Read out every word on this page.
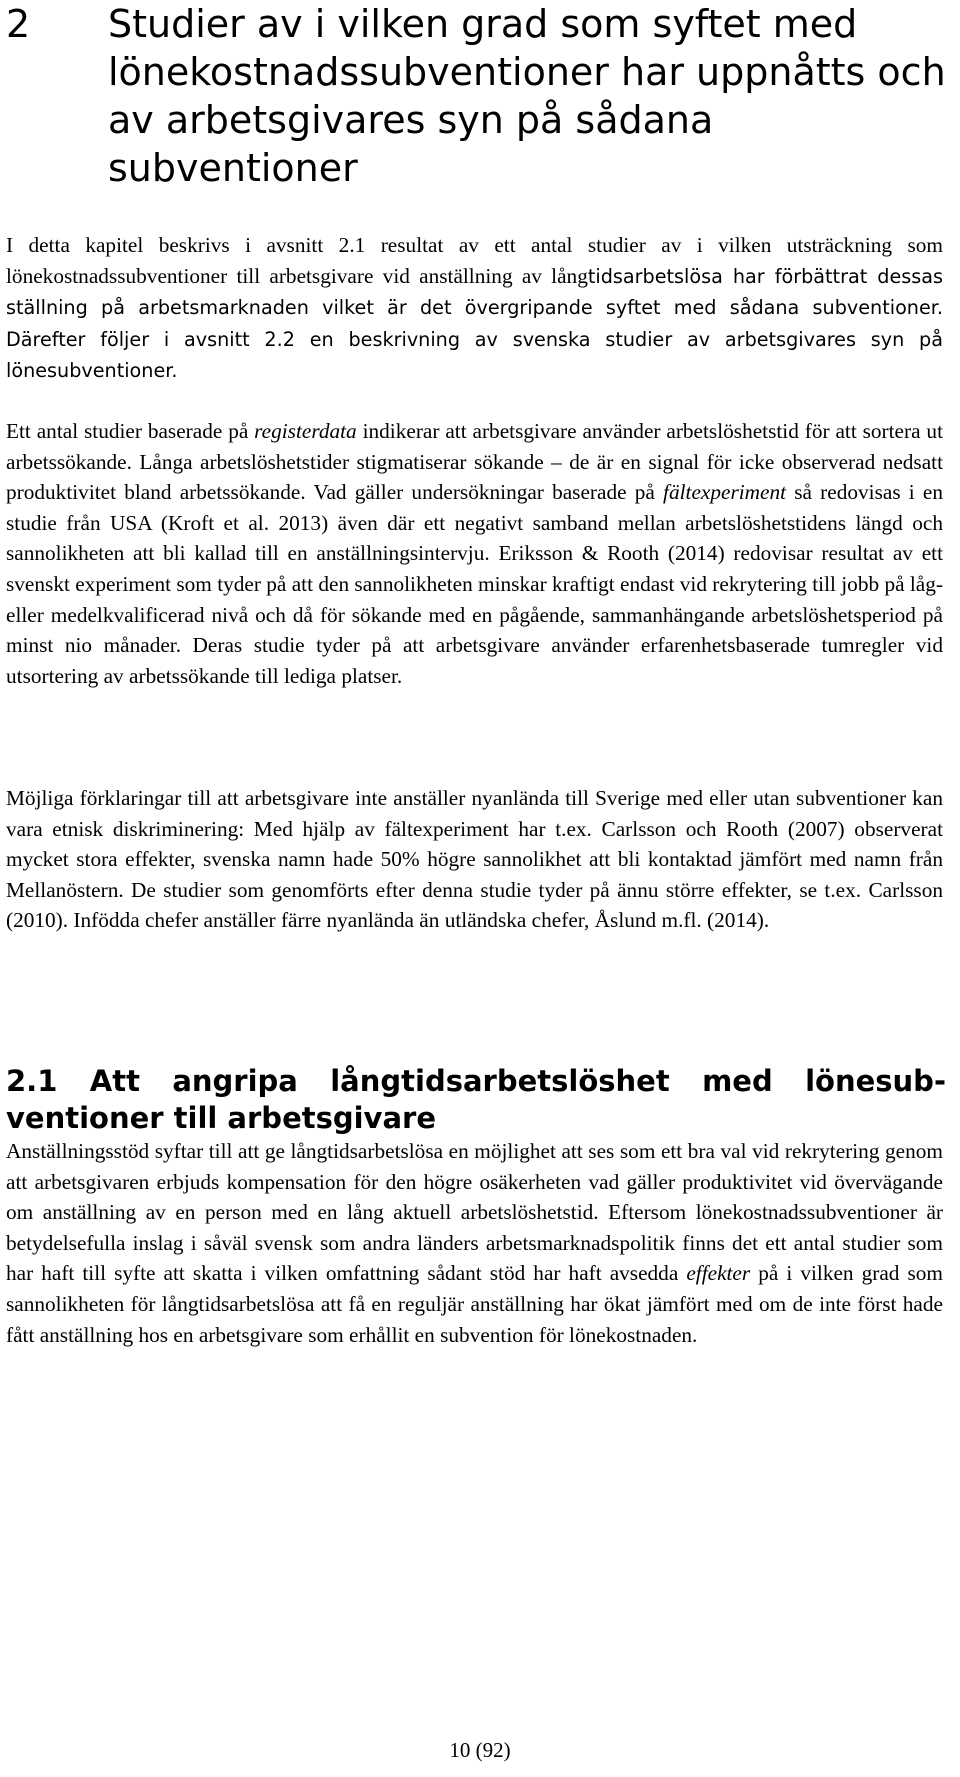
2 Studier av i vilken grad som syftet med lönekostnadssubventioner har uppnåtts och av arbetsgivares syn på sådana subventioner
I detta kapitel beskrivs i avsnitt 2.1 resultat av ett antal studier av i vilken utsträckning som lönekostnadssubventioner till arbetsgivare vid anställning av långtidsarbetslösa har förbättrat dessas ställning på arbetsmarknaden vilket är det övergripande syftet med sådana subventioner. Därefter följer i avsnitt 2.2 en beskrivning av svenska studier av arbetsgivares syn på lönesubventioner.
Ett antal studier baserade på registerdata indikerar att arbetsgivare använder arbetslöshetstid för att sortera ut arbetssökande. Långa arbetslöshetstider stigmatiserar sökande – de är en signal för icke observerad nedsatt produktivitet bland arbetssökande. Vad gäller undersökningar baserade på fältexperiment så redovisas i en studie från USA (Kroft et al. 2013) även där ett negativt samband mellan arbetslöshetstidens längd och sannolikheten att bli kallad till en anställningsintervju. Eriksson & Rooth (2014) redovisar resultat av ett svenskt experiment som tyder på att den sannolikheten minskar kraftigt endast vid rekrytering till jobb på lågeller medelkvalificerad nivå och då för sökande med en pågående, sammanhängande arbetslöshetsperiod på minst nio månader. Deras studie tyder på att arbetsgivare använder erfarenhetsbaserade tumregler vid utsortering av arbetssökande till lediga platser.
Möjliga förklaringar till att arbetsgivare inte anställer nyanlända till Sverige med eller utan subventioner kan vara etnisk diskriminering: Med hjälp av fältexperiment har t.ex. Carlsson och Rooth (2007) observerat mycket stora effekter, svenska namn hade 50% högre sannolikhet att bli kontaktad jämfört med namn från Mellanöstern. De studier som genomförts efter denna studie tyder på ännu större effekter, se t.ex. Carlsson (2010). Infödda chefer anställer färre nyanlända än utländska chefer, Åslund m.fl. (2014).
2.1 Att angripa långtidsarbetslöshet med lönesubventioner till arbetsgivare
Anställningsstöd syftar till att ge långtidsarbetslösa en möjlighet att ses som ett bra val vid rekrytering genom att arbetsgivaren erbjuds kompensation för den högre osäkerheten vad gäller produktivitet vid övervägande om anställning av en person med en lång aktuell arbetslöshetstid. Eftersom lönekostnadssubventioner är betydelsefulla inslag i såväl svensk som andra länders arbetsmarknadspolitik finns det ett antal studier som har haft till syfte att skatta i vilken omfattning sådant stöd har haft avsedda effekter på i vilken grad som sannolikheten för långtidsarbetslösa att få en reguljär anställning har ökat jämfört med om de inte först hade fått anställning hos en arbetsgivare som erhållit en subvention för lönekostnaden.
10 (92)
